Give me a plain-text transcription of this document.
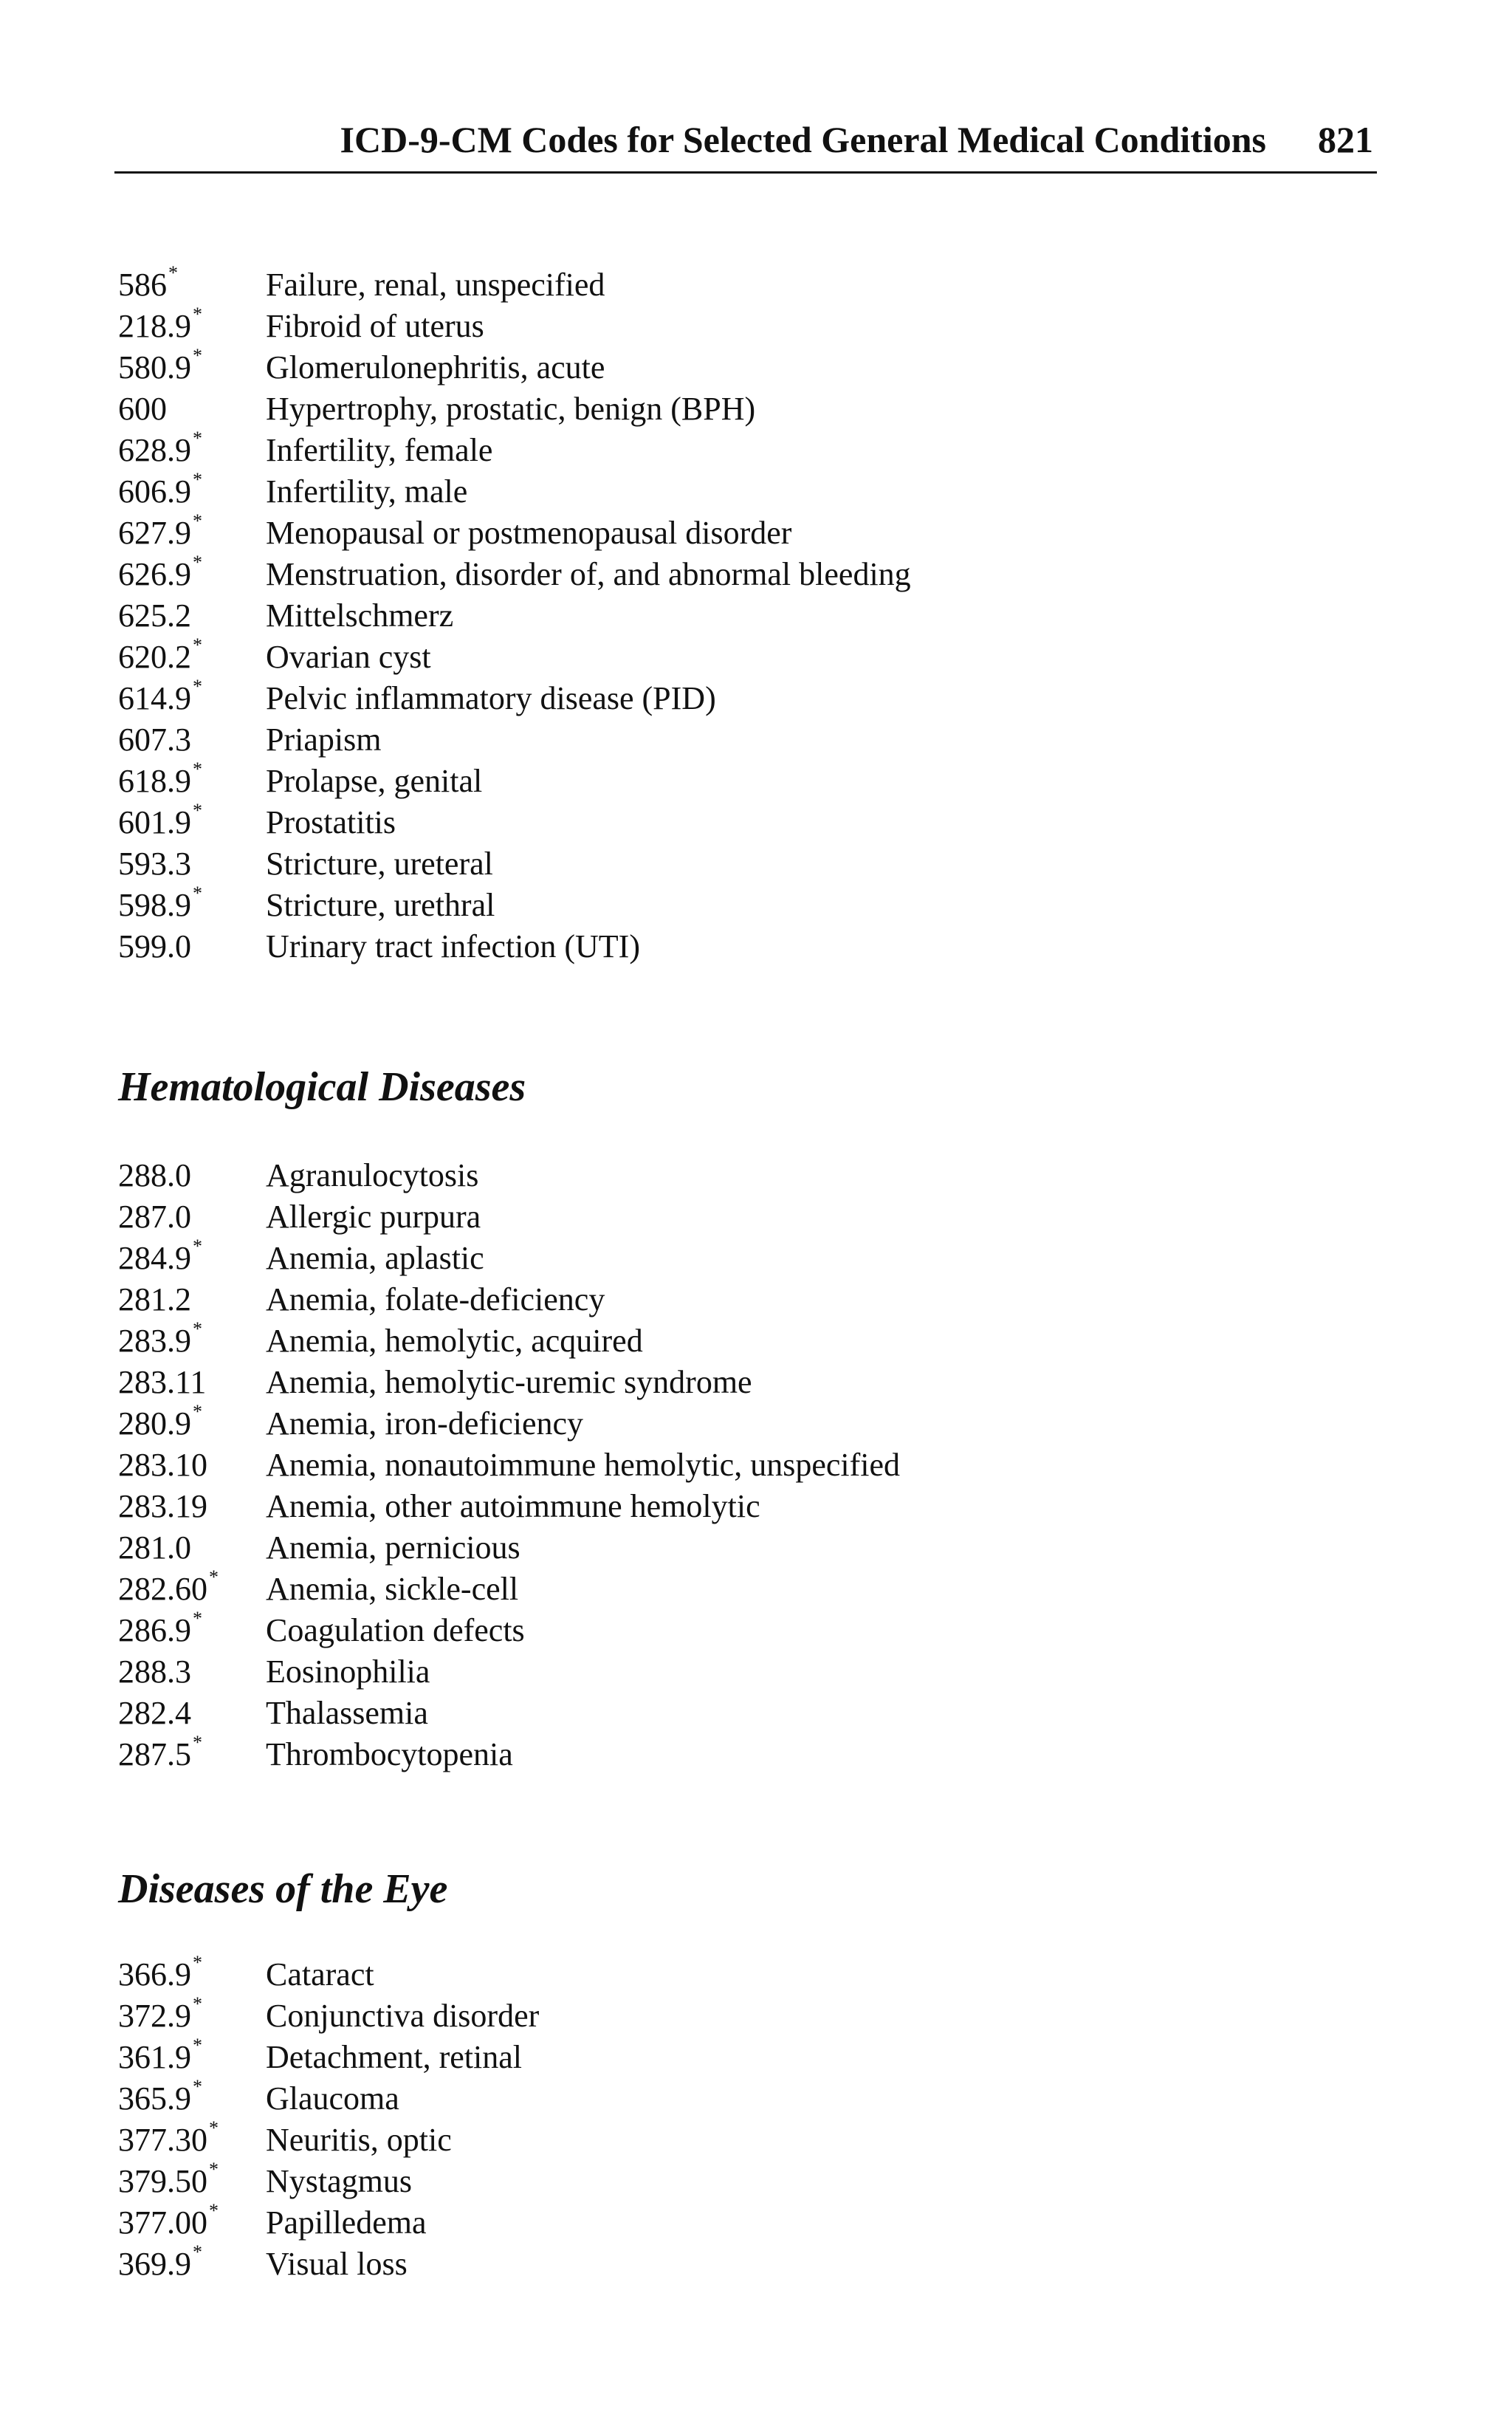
ICD-9-CM Codes for Selected General Medical Conditions 821
586*	Failure, renal, unspecified
218.9* Fibroid of uterus
580.9* Glomerulonephritis, acute
600	Hypertrophy, prostatic, benign (BPH)
628.9* Infertility, female
606.9* Infertility, male
627.9* Menopausal or postmenopausal disorder
626.9* Menstruation, disorder of, and abnormal bleeding
625.2 Mittelschmerz
620.2* Ovarian cyst
614.9* Pelvic inflammatory disease (PID)
607.3 Priapism
618.9* Prolapse, genital
601.9* Prostatitis
593.3 Stricture, ureteral
598.9* Stricture, urethral
599.0 Urinary tract infection (UTI)
Hematological Diseases
288.0 Agranulocytosis
287.0 Allergic purpura
284.9* Anemia, aplastic
281.2 Anemia, folate-deficiency
283.9* Anemia, hemolytic, acquired
283.11 Anemia, hemolytic-uremic syndrome
280.9* Anemia, iron-deficiency
283.10 Anemia, nonautoimmune hemolytic, unspecified
283.19 Anemia, other autoimmune hemolytic
281.0 Anemia, pernicious
282.60* Anemia, sickle-cell
286.9* Coagulation defects
288.3 Eosinophilia
282.4 Thalassemia
287.5* Thrombocytopenia
Diseases of the Eye
366.9* Cataract
372.9* Conjunctiva disorder
361.9* Detachment, retinal
365.9* Glaucoma
377.30* Neuritis, optic
379.50* Nystagmus
377.00* Papilledema
369.9* Visual loss
